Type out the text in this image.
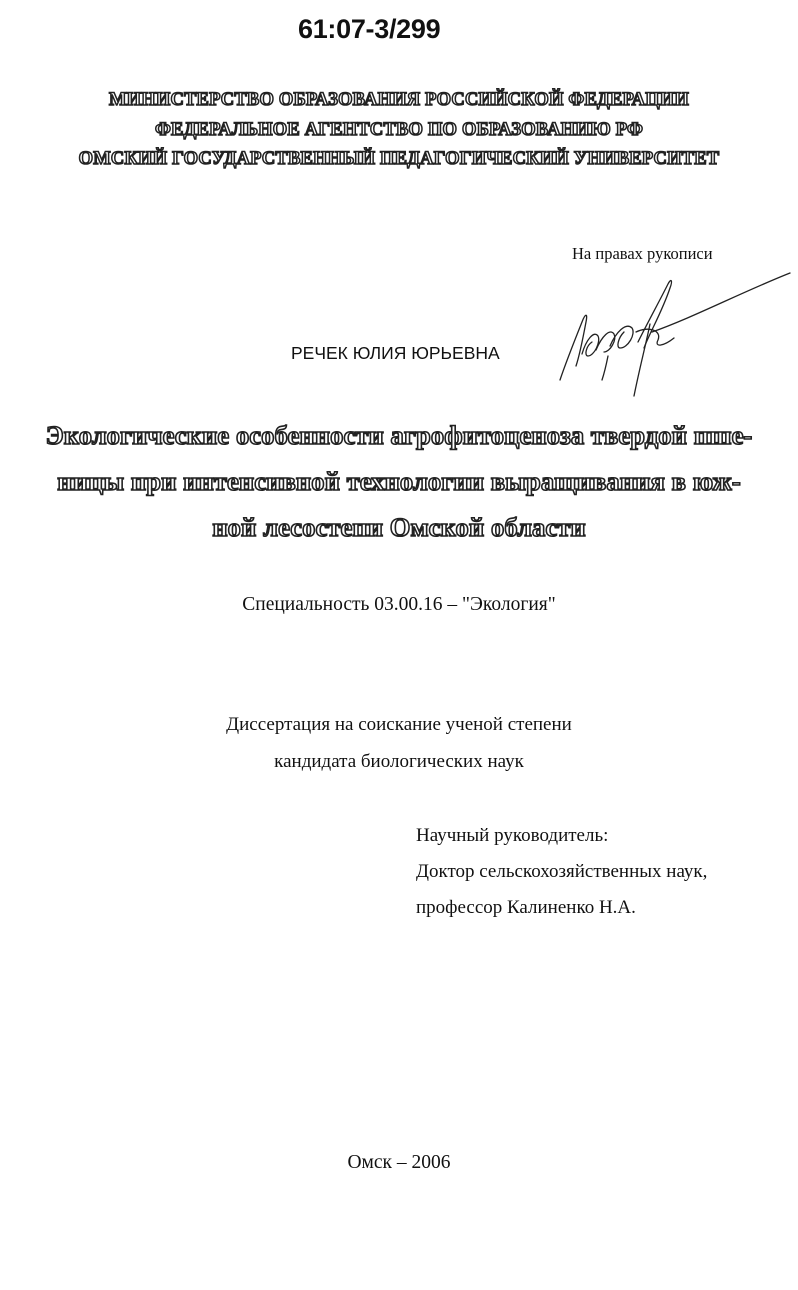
61:07-3/299
МИНИСТЕРСТВО ОБРАЗОВАНИЯ РОССИЙСКОЙ ФЕДЕРАЦИИ
ФЕДЕРАЛЬНОЕ АГЕНТСТВО ПО ОБРАЗОВАНИЮ РФ
ОМСКИЙ ГОСУДАРСТВЕННЫЙ ПЕДАГОГИЧЕСКИЙ УНИВЕРСИТЕТ
На правах рукописи
РЕЧЕК ЮЛИЯ ЮРЬЕВНА
Экологические особенности агрофитоценоза твердой пше-
ницы при интенсивной технологии выращивания в юж-
ной лесостепи Омской области
Специальность 03.00.16 – "Экология"
Диссертация на соискание ученой степени
кандидата биологических наук
Научный руководитель:
Доктор сельскохозяйственных наук,
профессор Калиненко Н.А.
Омск – 2006
